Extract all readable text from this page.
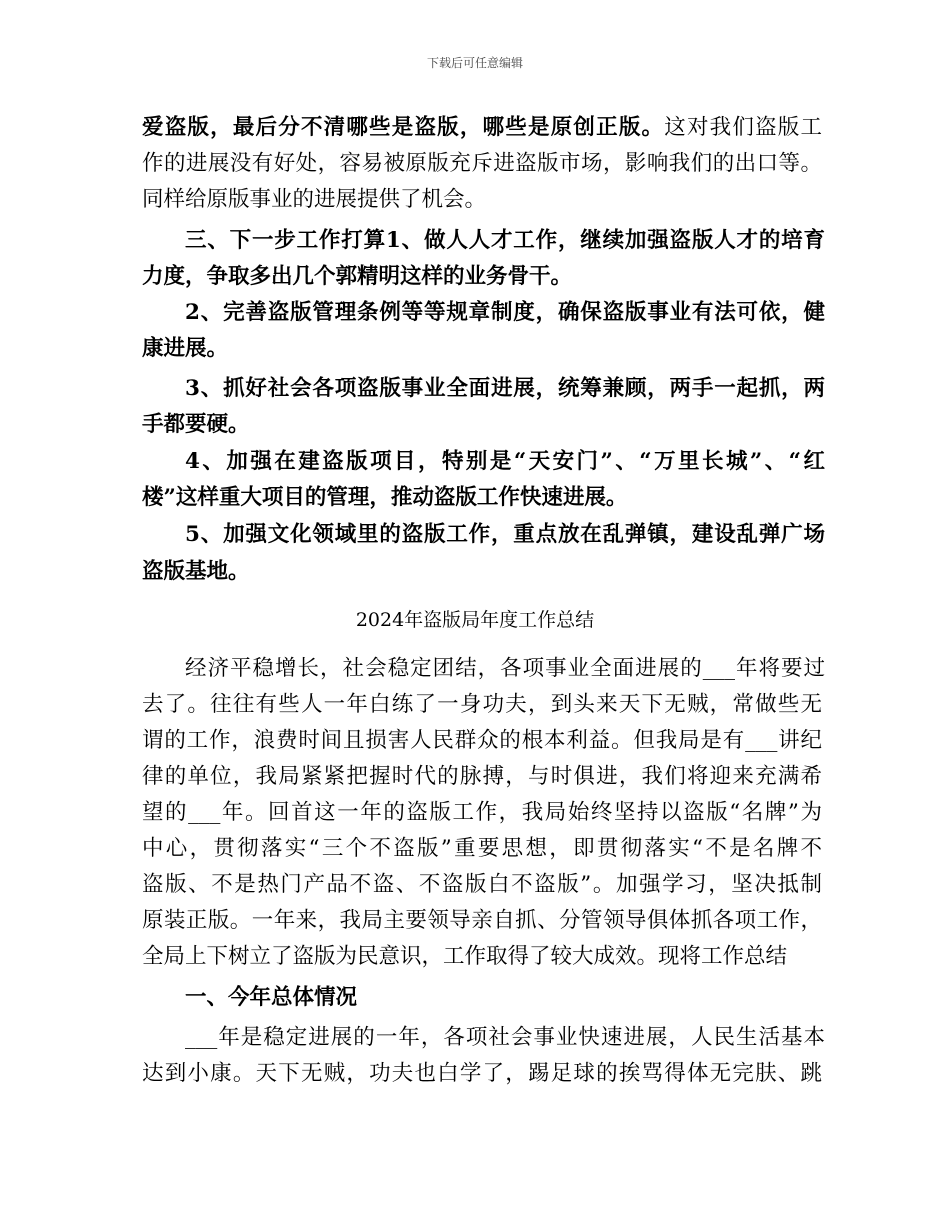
下载后可任意编辑
爱盗版，最后分不清哪些是盗版，哪些是原创正版。这对我们盗版工
作的进展没有好处，容易被原版充斥进盗版市场，影响我们的出口等。
同样给原版事业的进展提供了机会。
三、下一步工作打算1、做人人才工作，继续加强盗版人才的培育
力度，争取多出几个郭精明这样的业务骨干。
2、完善盗版管理条例等等规章制度，确保盗版事业有法可依，健
康进展。
3、抓好社会各项盗版事业全面进展，统筹兼顾，两手一起抓，两
手都要硬。
4、加强在建盗版项目，特别是“天安门”、“万里长城”、“红
楼”这样重大项目的管理，推动盗版工作快速进展。
5、加强文化领域里的盗版工作，重点放在乱弹镇，建设乱弹广场
盗版基地。
2024年盗版局年度工作总结
经济平稳增长，社会稳定团结，各项事业全面进展的___年将要过
去了。往往有些人一年白练了一身功夫，到头来天下无贼，常做些无
谓的工作，浪费时间且损害人民群众的根本利益。但我局是有___讲纪
律的单位，我局紧紧把握时代的脉搏，与时俱进，我们将迎来充满希
望的___年。回首这一年的盗版工作，我局始终坚持以盗版“名牌”为
中心，贯彻落实“三个不盗版”重要思想，即贯彻落实“不是名牌不
盗版、不是热门产品不盗、不盗版白不盗版”。加强学习，坚决抵制
原装正版。一年来，我局主要领导亲自抓、分管领导俱体抓各项工作，
全局上下树立了盗版为民意识，工作取得了较大成效。现将工作总结
一、今年总体情况
___年是稳定进展的一年，各项社会事业快速进展，人民生活基本
达到小康。天下无贼，功夫也白学了，踢足球的挨骂得体无完肤、跳
